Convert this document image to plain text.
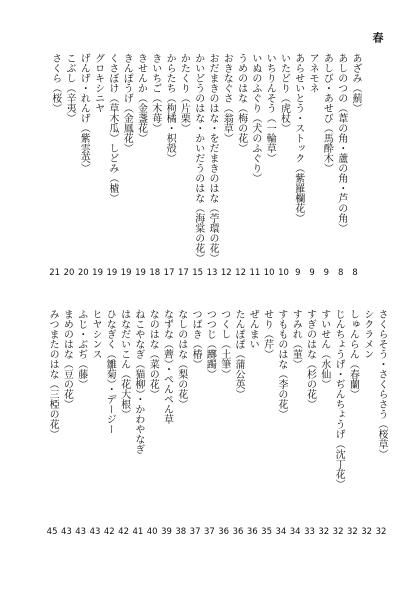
春
あざみ（薊）
8
あしのつの（葦の角・蘆の角・芦の角）
8
あしび・あせび（馬酔木）
9
アネモネ
9
あらせいとう・ストック（紫羅欄花）
9
いたどり（虎杖）
10
いちりんそう（一輪草）
10
いぬのふぐり（犬のふぐり）
11
うめのはな（梅の花）
12
おきなぐさ（翁草）
12
おだまきのはな・をだまきのはな（苧環の花）
13
かいどうのはな・かいだうのはな（海棠の花）
15
かたくり（片栗）
17
からたち（枸橘・枳殻）
17
きいちご（木苺）
18
きせんか（金盞花）
19
きんぽうげ（金鳳花）
19
くさぼけ（草木瓜）しどみ（樝）
19
グロキシニヤ
19
げんげ・れんげ（紫雲英）
20
こぶし（辛夷）
20
さくら（桜）
21
さくらそう・さくらさう（桜草）
32
シクラメン
32
しゅんらん（春蘭）
32
じんちょうげ・ぢんちょうげ（沈丁花）
32
すいせん（水仙）
32
すぎのはな（杉の花）
33
すみれ（菫）
34
すもものはな（李の花）
34
せり（芹）
35
ぜんまい
36
たんぽぽ（蒲公英）
36
つくし（土筆）
36
つつじ（躑躅）
37
つばき（椿）
37
なしのはな（梨の花）
38
なずな（薺）・ぺんぺん草
39
なのはな（菜の花）
40
ねこやなぎ（猫柳）・かわやなぎ
41
はなだいこん（花大根）
42
ひなぎく（雛菊）・デージー
42
ヒヤシンス
43
ふじ・ぶぢ（藤）
43
まめのはな（豆の花）
43
みつまたのはな（三椏の花）
45
